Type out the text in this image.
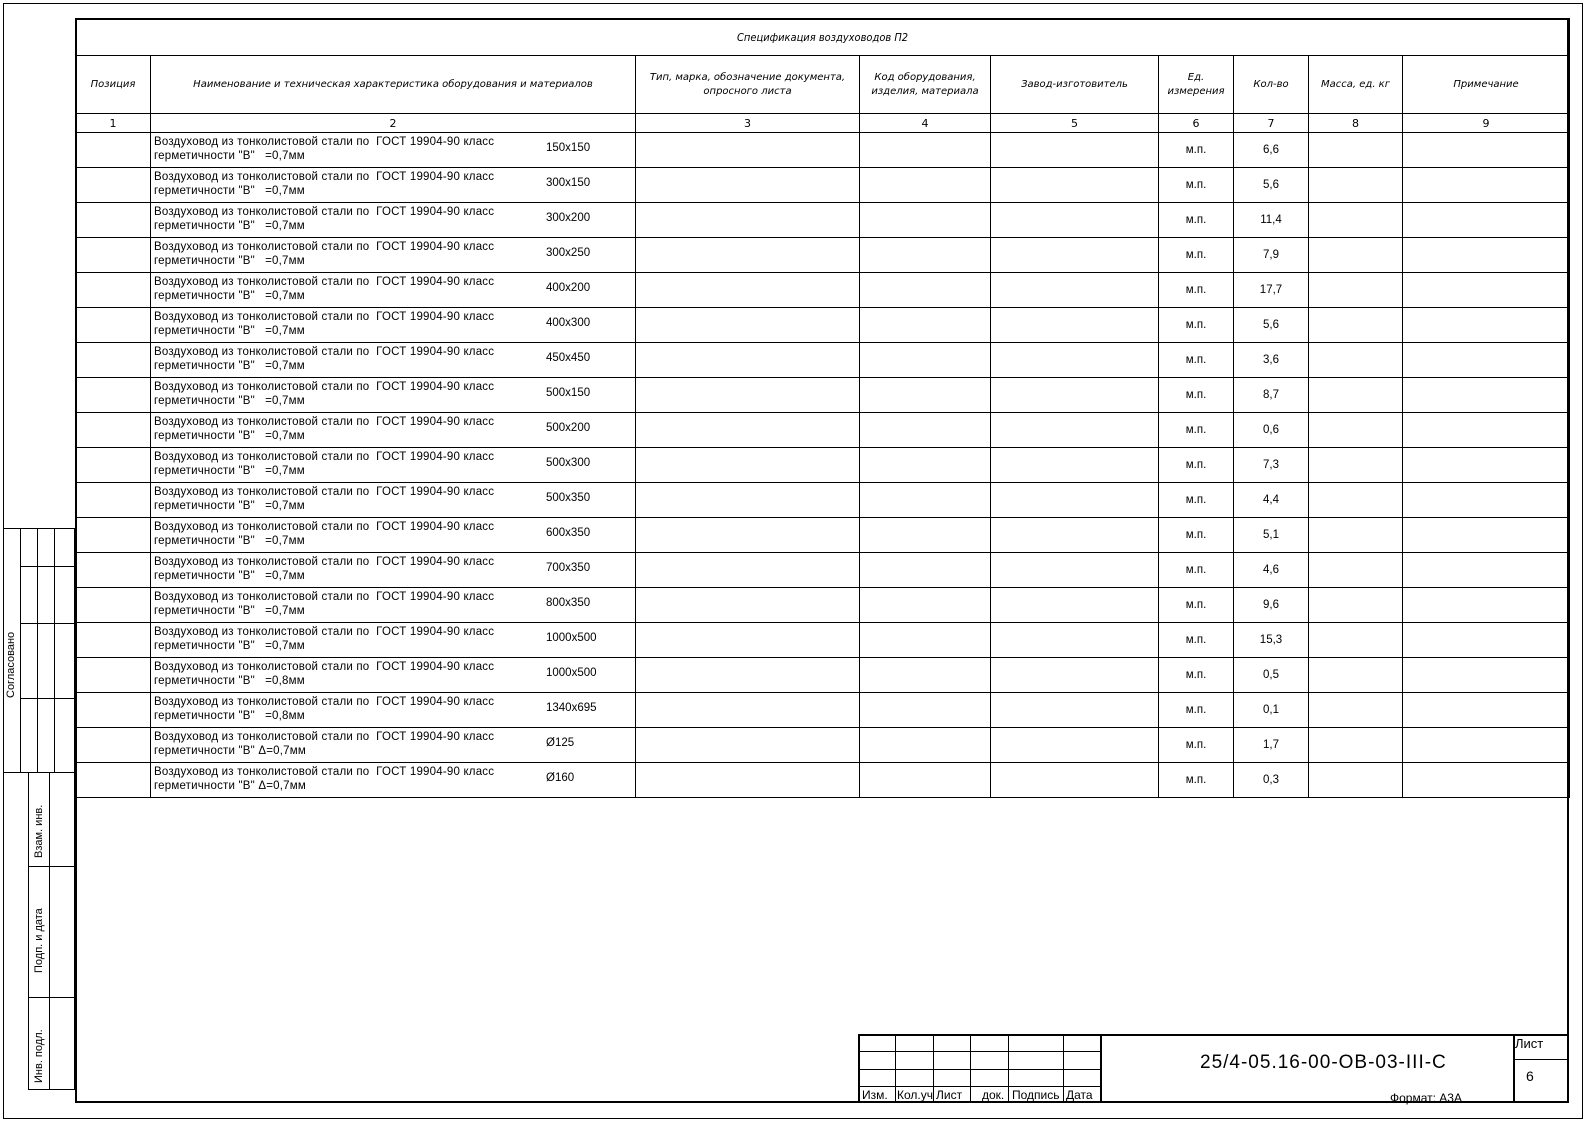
Спецификация воздуховодов П2								
Позиция	Наименование и техническая характеристика оборудования и материалов	Тип, марка, обозначение документа, опросного листа	Код оборудования, изделия, материала	Завод-изготовитель	Ед. измерения	Кол-во	Масса, ед. кг	Примечание
1	2	3	4	5	6	7	8	9

	Воздуховод из тонколистовой стали по  ГОСТ 19904-90 класс
герметичности "В"   =0,7мм
150x150				м.п.	6,6		

	Воздуховод из тонколистовой стали по  ГОСТ 19904-90 класс
герметичности "В"   =0,7мм
300x150				м.п.	5,6		

	Воздуховод из тонколистовой стали по  ГОСТ 19904-90 класс
герметичности "В"   =0,7мм
300x200				м.п.	11,4		

	Воздуховод из тонколистовой стали по  ГОСТ 19904-90 класс
герметичности "В"   =0,7мм
300x250				м.п.	7,9		

	Воздуховод из тонколистовой стали по  ГОСТ 19904-90 класс
герметичности "В"   =0,7мм
400x200				м.п.	17,7		

	Воздуховод из тонколистовой стали по  ГОСТ 19904-90 класс
герметичности "В"   =0,7мм
400x300				м.п.	5,6		

	Воздуховод из тонколистовой стали по  ГОСТ 19904-90 класс
герметичности "В"   =0,7мм
450x450				м.п.	3,6		

	Воздуховод из тонколистовой стали по  ГОСТ 19904-90 класс
герметичности "В"   =0,7мм
500x150				м.п.	8,7		

	Воздуховод из тонколистовой стали по  ГОСТ 19904-90 класс
герметичности "В"   =0,7мм
500x200				м.п.	0,6		

	Воздуховод из тонколистовой стали по  ГОСТ 19904-90 класс
герметичности "В"   =0,7мм
500x300				м.п.	7,3		

	Воздуховод из тонколистовой стали по  ГОСТ 19904-90 класс
герметичности "В"   =0,7мм
500x350				м.п.	4,4		

	Воздуховод из тонколистовой стали по  ГОСТ 19904-90 класс
герметичности "В"   =0,7мм
600x350				м.п.	5,1		

	Воздуховод из тонколистовой стали по  ГОСТ 19904-90 класс
герметичности "В"   =0,7мм
700x350				м.п.	4,6		

	Воздуховод из тонколистовой стали по  ГОСТ 19904-90 класс
герметичности "В"   =0,7мм
800x350				м.п.	9,6		

	Воздуховод из тонколистовой стали по  ГОСТ 19904-90 класс
герметичности "В"   =0,7мм
1000x500				м.п.	15,3		

	Воздуховод из тонколистовой стали по  ГОСТ 19904-90 класс
герметичности "В"   =0,8мм
1000x500				м.п.	0,5		

	Воздуховод из тонколистовой стали по  ГОСТ 19904-90 класс
герметичности "В"   =0,8мм
1340x695				м.п.	0,1		

	Воздуховод из тонколистовой стали по  ГОСТ 19904-90 класс
герметичности "В" Δ=0,7мм
Ø125				м.п.	1,7		

	Воздуховод из тонколистовой стали по  ГОСТ 19904-90 класс
герметичности "В" Δ=0,7мм
Ø160				м.п.	0,3		
Согласовано
Взам. инв.
Подп. и дата
Инв. подл.
Изм. Кол.уч Лист док. Подпись Дата
25/4-05.16-00-ОВ-03-III-С
Лист
6
Формат: А3А
